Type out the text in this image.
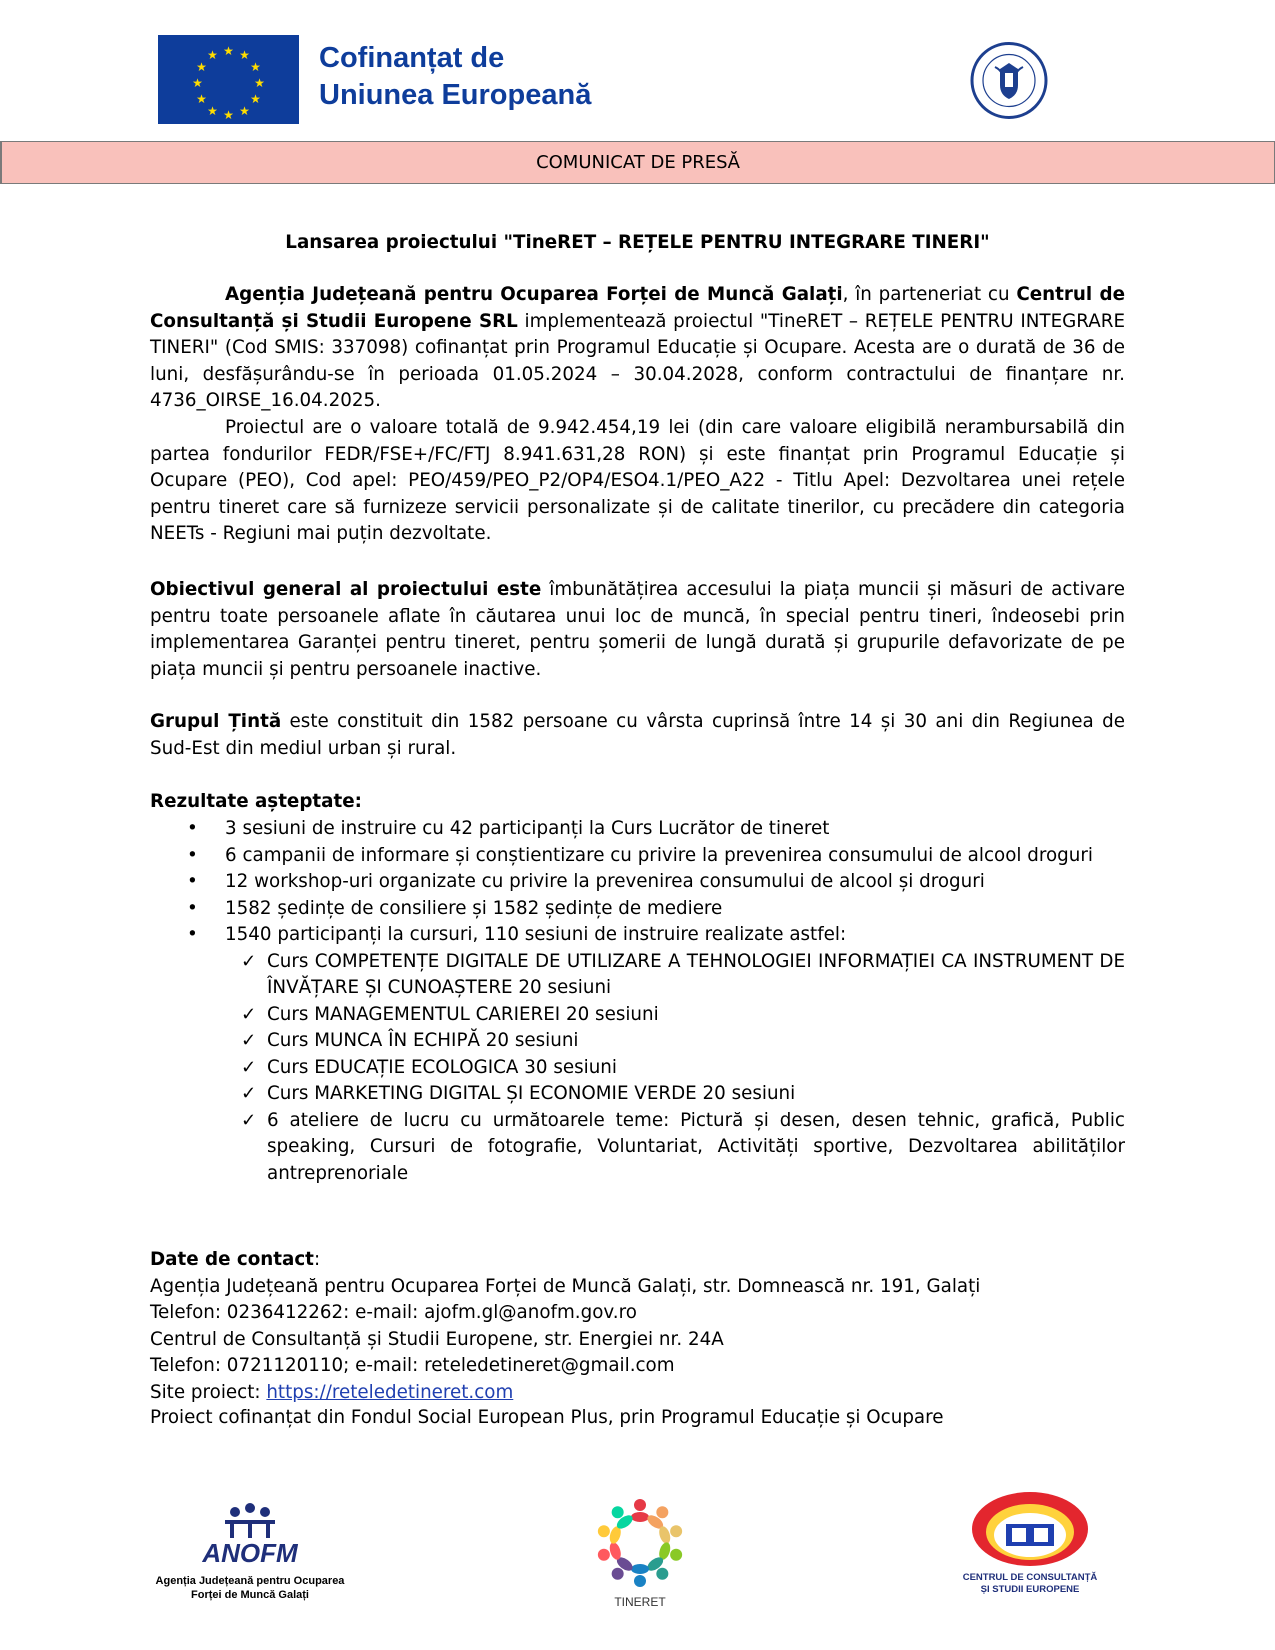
★ ★
★
★
★
★
★
★
★
★
★
★	Cofinanțat de
Uniunea Europeană
COMUNICAT DE PRESĂ
Lansarea proiectului "TineRET – REȚELE PENTRU INTEGRARE TINERI"

Agenția Județeană pentru Ocuparea Forței de Muncă Galați, în parteneriat cu Centrul de Consultanță și Studii Europene SRL implementează proiectul "TineRET – REȚELE PENTRU INTEGRARE TINERI" (Cod SMIS: 337098) cofinanțat prin Programul Educație și Ocupare. Acesta are o durată de 36 de luni, desfășurându-se în perioada 01.05.2024 – 30.04.2028, conform contractului de finanțare nr. 4736_OIRSE_16.04.2025.

Proiectul are o valoare totală de 9.942.454,19 lei (din care valoare eligibilă nerambursabilă din partea fondurilor FEDR/FSE+/FC/FTJ 8.941.631,28 RON) și este finanțat prin Programul Educație și Ocupare (PEO), Cod apel: PEO/459/PEO_P2/OP4/ESO4.1/PEO_A22 - Titlu Apel: Dezvoltarea unei rețele pentru tineret care să furnizeze servicii personalizate și de calitate tinerilor, cu precădere din categoria NEETs - Regiuni mai puțin dezvoltate.

Obiectivul general al proiectului este îmbunătățirea accesului la piața muncii și măsuri de activare pentru toate persoanele aflate în căutarea unui loc de muncă, în special pentru tineri, îndeosebi prin implementarea Garanței pentru tineret, pentru șomerii de lungă durată și grupurile defavorizate de pe piața muncii și pentru persoanele inactive.

Grupul Țintă este constituit din 1582 persoane cu vârsta cuprinsă între 14 și 30 ani din Regiunea de Sud-Est din mediul urban și rural.

Rezultate așteptate:
• 3 sesiuni de instruire cu 42 participanți la Curs Lucrător de tineret
• 6 campanii de informare și conștientizare cu privire la prevenirea consumului de alcool droguri
• 12 workshop-uri organizate cu privire la prevenirea consumului de alcool și droguri
• 1582 ședințe de consiliere și 1582 ședințe de mediere
• 1540 participanți la cursuri, 110 sesiuni de instruire realizate astfel:
✓ Curs COMPETENȚE DIGITALE DE UTILIZARE A TEHNOLOGIEI INFORMAȚIEI CA INSTRUMENT DE ÎNVĂȚARE ȘI CUNOAȘTERE 20 sesiuni
✓ Curs MANAGEMENTUL CARIEREI 20 sesiuni
✓ Curs MUNCA ÎN ECHIPĂ 20 sesiuni
✓ Curs EDUCAȚIE ECOLOGICA 30 sesiuni
✓ Curs MARKETING DIGITAL ȘI ECONOMIE VERDE 20 sesiuni
✓ 6 ateliere de lucru cu următoarele teme: Pictură și desen, desen tehnic, grafică, Public speaking, Cursuri de fotografie, Voluntariat, Activități sportive, Dezvoltarea abilităților antreprenoriale
Date de contact:
Agenția Județeană pentru Ocuparea Forței de Muncă Galați, str. Domnească nr. 191, Galați
Telefon: 0236412262: e-mail: ajofm.gl@anofm.gov.ro
Centrul de Consultanță și Studii Europene, str. Energiei nr. 24A
Telefon: 0721120110; e-mail: reteledetineret@gmail.com
Site proiect: https://reteledetineret.com
Proiect cofinanțat din Fondul Social European Plus, prin Programul Educație și Ocupare
ANOFM
Agenția Județeană pentru Ocuparea
Forței de Muncă Galați	TINERET
CENTRUL DE CONSULTANȚĂ
ȘI STUDII EUROPENE
